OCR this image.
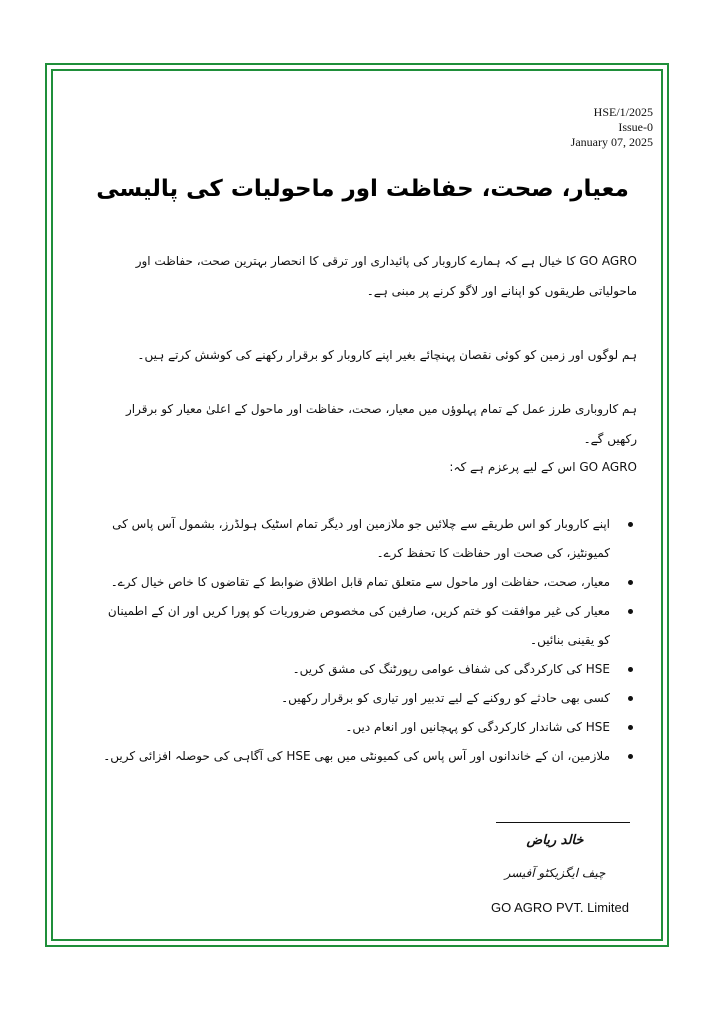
HSE/1/2025
Issue-0
January 07, 2025
معیار، صحت، حفاظت اور ماحولیات کی پالیسی
GO AGRO کا خیال ہے کہ ہمارے کاروبار کی پائیداری اور ترقی کا انحصار بہترین صحت، حفاظت اور ماحولیاتی طریقوں کو اپنانے اور لاگو کرنے پر مبنی ہے۔
ہم لوگوں اور زمین کو کوئی نقصان پہنچائے بغیر اپنے کاروبار کو برقرار رکھنے کی کوشش کرتے ہیں۔
ہم کاروباری طرز عمل کے تمام پہلوؤں میں معیار، صحت، حفاظت اور ماحول کے اعلیٰ معیار کو برقرار رکھیں گے۔
GO AGRO اس کے لیے پرعزم ہے کہ:
اپنے کاروبار کو اس طریقے سے چلائیں جو ملازمین اور دیگر تمام اسٹیک ہولڈرز، بشمول آس پاس کی کمیونٹیز، کی صحت اور حفاظت کا تحفظ کرے۔
معیار، صحت، حفاظت اور ماحول سے متعلق تمام قابل اطلاق ضوابط کے تقاضوں کا خاص خیال کرے۔
معیار کی غیر موافقت کو ختم کریں، صارفین کی مخصوص ضروریات کو پورا کریں اور ان کے اطمینان کو یقینی بنائیں۔
HSE کی کارکردگی کی شفاف عوامی رپورٹنگ کی مشق کریں۔
کسی بھی حادثے کو روکنے کے لیے تدبیر اور تیاری کو برقرار رکھیں۔
HSE کی شاندار کارکردگی کو پہچانیں اور انعام دیں۔
ملازمین، ان کے خاندانوں اور آس پاس کی کمیونٹی میں بھی HSE کی آگاہی کی حوصلہ افزائی کریں۔
خالد ریاض
چیف ایگزیکٹو آفیسر
GO AGRO PVT. Limited
